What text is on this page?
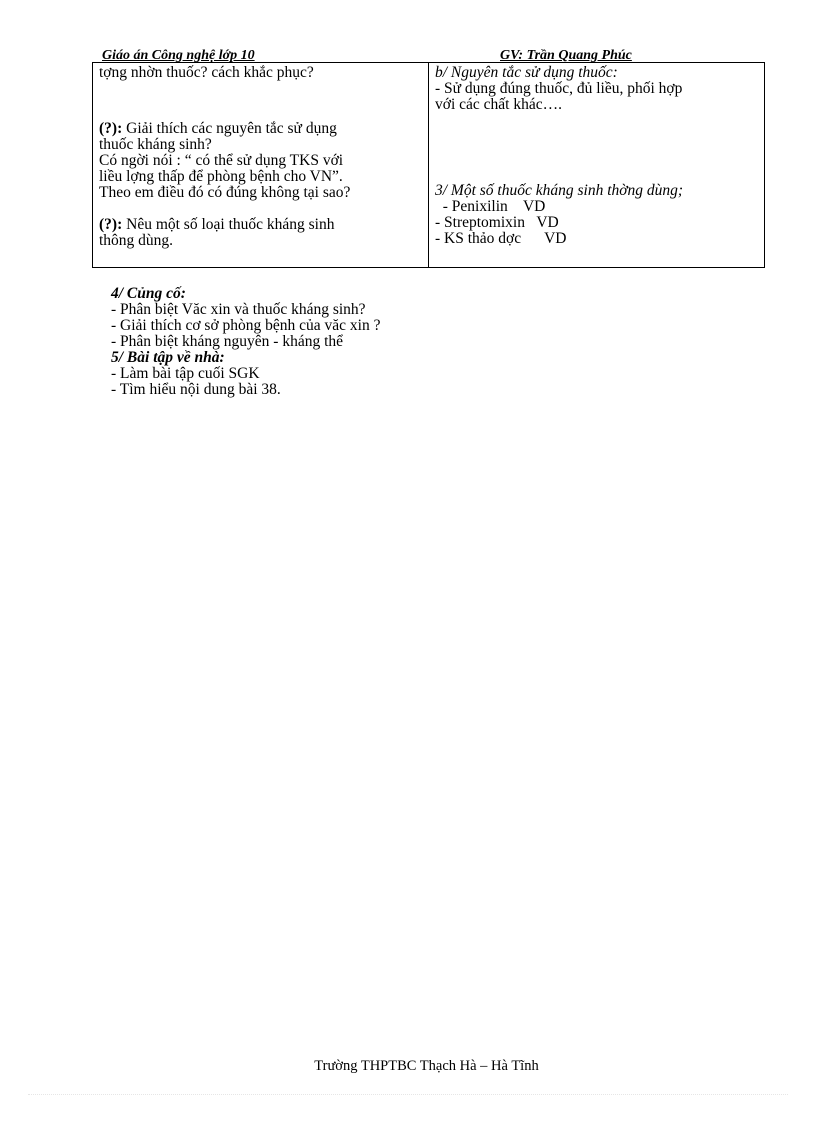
Giáo án Công nghệ lớp 10	GV: Trần Quang Phúc
tợng nhờn thuốc? cách khắc phục?
(?): Giải thích các nguyên tắc sử dụng
thuốc kháng sinh?
Có ngời nói : “ có thể sử dụng TKS với
liều lợng thấp để phòng bệnh cho VN”.
Theo em điều đó có đúng không tại sao?
(?): Nêu một số loại thuốc kháng sinh
thông dùng.

b/ Nguyên tắc sử dụng thuốc:
- Sử dụng đúng thuốc, đủ liều, phối hợp
với các chất khác….
3/ Một số thuốc kháng sinh thờng dùng;
- Penixilin    VD
- Streptomixin   VD
- KS thảo dợc      VD
4/ Củng cố:
- Phân biệt Văc xin và thuốc kháng sinh?
- Giải thích cơ sở phòng bệnh của văc xin ?
- Phân biệt kháng nguyên - kháng thể
5/ Bài tập về nhà:
- Làm bài tập cuối SGK
- Tìm hiểu nội dung bài 38.
Trường THPTBC Thạch Hà – Hà Tĩnh
